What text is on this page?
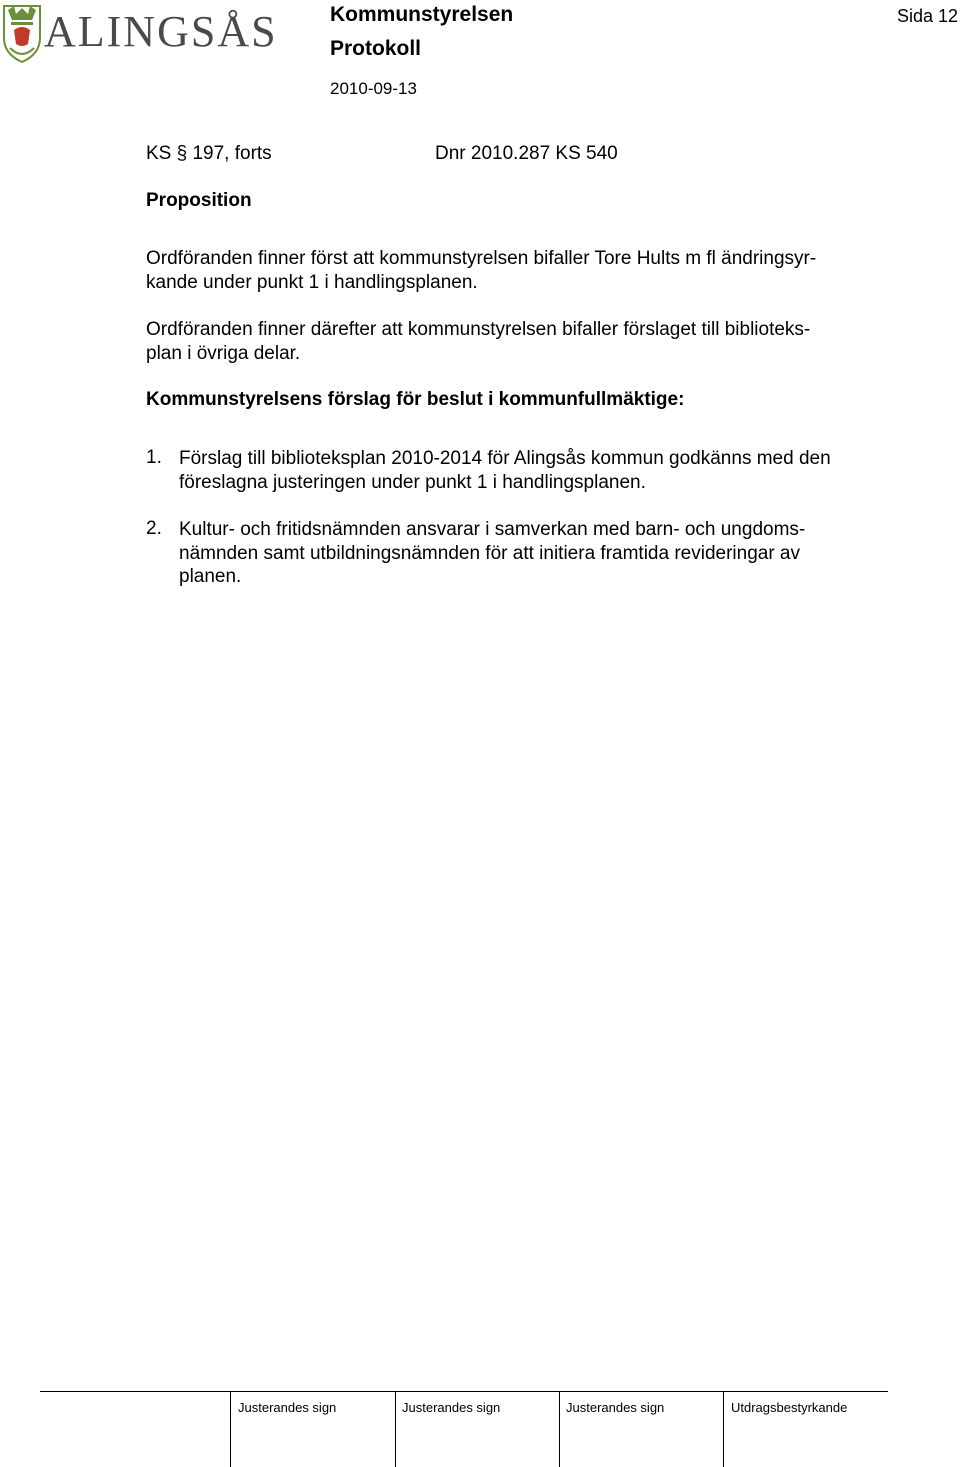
ALINGSÅS Kommunstyrelsen
Protokoll
2010-09-13
Sida 12
KS § 197, forts	Dnr 2010.287 KS 540
Proposition
Ordföranden finner först att kommunstyrelsen bifaller Tore Hults m fl ändringsyr-
kande under punkt 1 i handlingsplanen.
Ordföranden finner därefter att kommunstyrelsen bifaller förslaget till biblioteks-
plan i övriga delar.
Kommunstyrelsens förslag för beslut i kommunfullmäktige:
1. Förslag till biblioteksplan 2010-2014 för Alingsås kommun godkänns med den
föreslagna justeringen under punkt 1 i handlingsplanen.
2. Kultur- och fritidsnämnden ansvarar i samverkan med barn- och ungdoms-
nämnden samt utbildningsnämnden för att initiera framtida revideringar av
planen.
Justerandes sign	Justerandes sign	Justerandes sign	Utdragsbestyrkande
